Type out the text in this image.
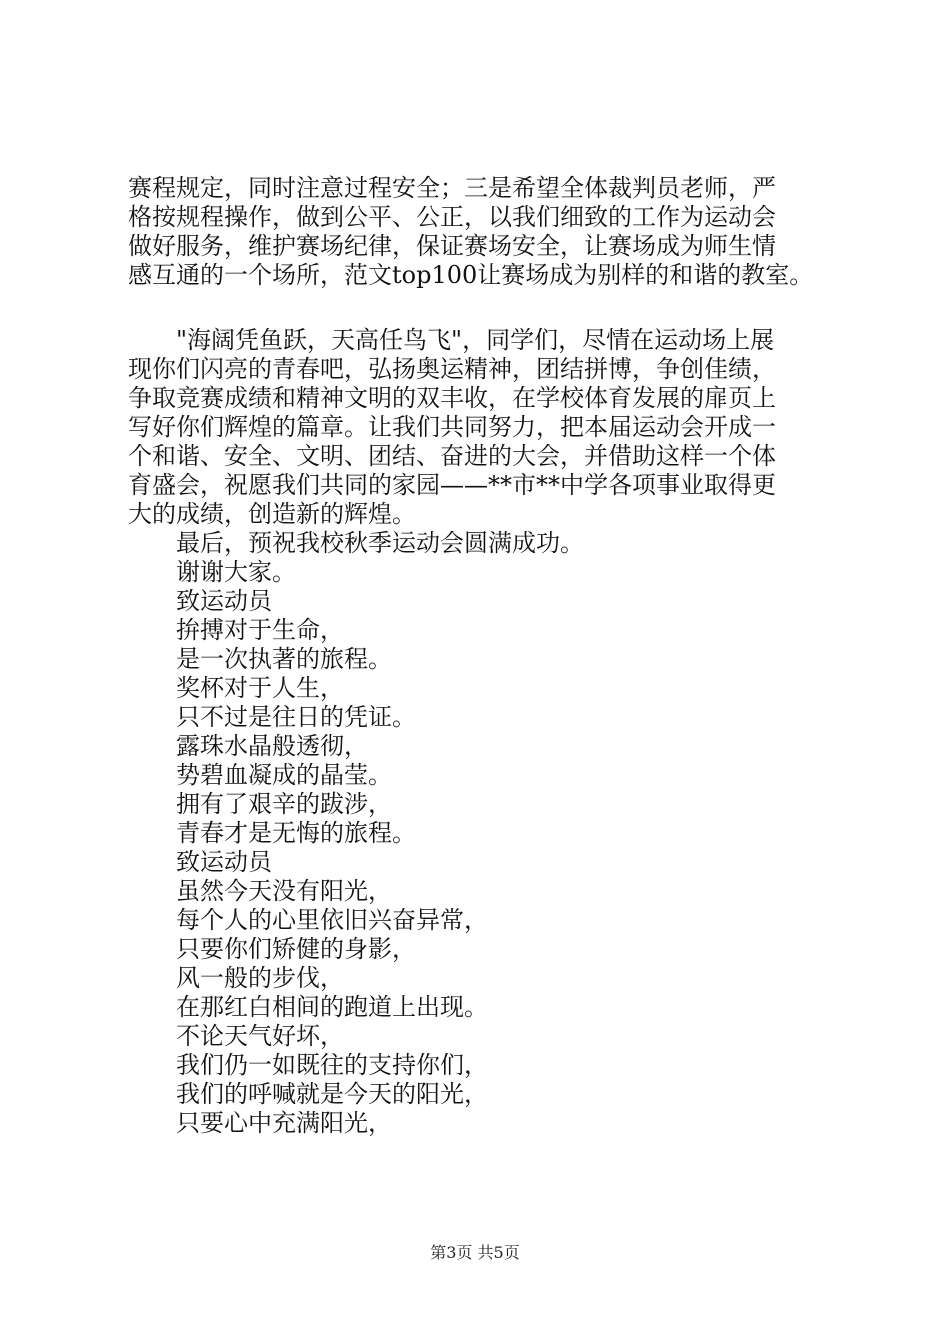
赛程规定，同时注意过程安全；三是希望全体裁判员老师，严
格按规程操作，做到公平、公正，以我们细致的工作为运动会
做好服务，维护赛场纪律，保证赛场安全，让赛场成为师生情
感互通的一个场所，范文top100让赛场成为别样的和谐的教室。
"海阔凭鱼跃，天高任鸟飞"，同学们，尽情在运动场上展
现你们闪亮的青春吧，弘扬奥运精神，团结拼博，争创佳绩，
争取竞赛成绩和精神文明的双丰收，在学校体育发展的扉页上
写好你们辉煌的篇章。让我们共同努力，把本届运动会开成一
个和谐、安全、文明、团结、奋进的大会，并借助这样一个体
育盛会，祝愿我们共同的家园——**市**中学各项事业取得更
大的成绩，创造新的辉煌。
最后，预祝我校秋季运动会圆满成功。
谢谢大家。
致运动员
拚搏对于生命，
是一次执著的旅程。
奖杯对于人生，
只不过是往日的凭证。
露珠水晶般透彻，
势碧血凝成的晶莹。
拥有了艰辛的跋涉，
青春才是无悔的旅程。
致运动员
虽然今天没有阳光，
每个人的心里依旧兴奋异常，
只要你们矫健的身影，
风一般的步伐，
在那红白相间的跑道上出现。
不论天气好坏，
我们仍一如既往的支持你们，
我们的呼喊就是今天的阳光，
只要心中充满阳光，
第3页 共5页
